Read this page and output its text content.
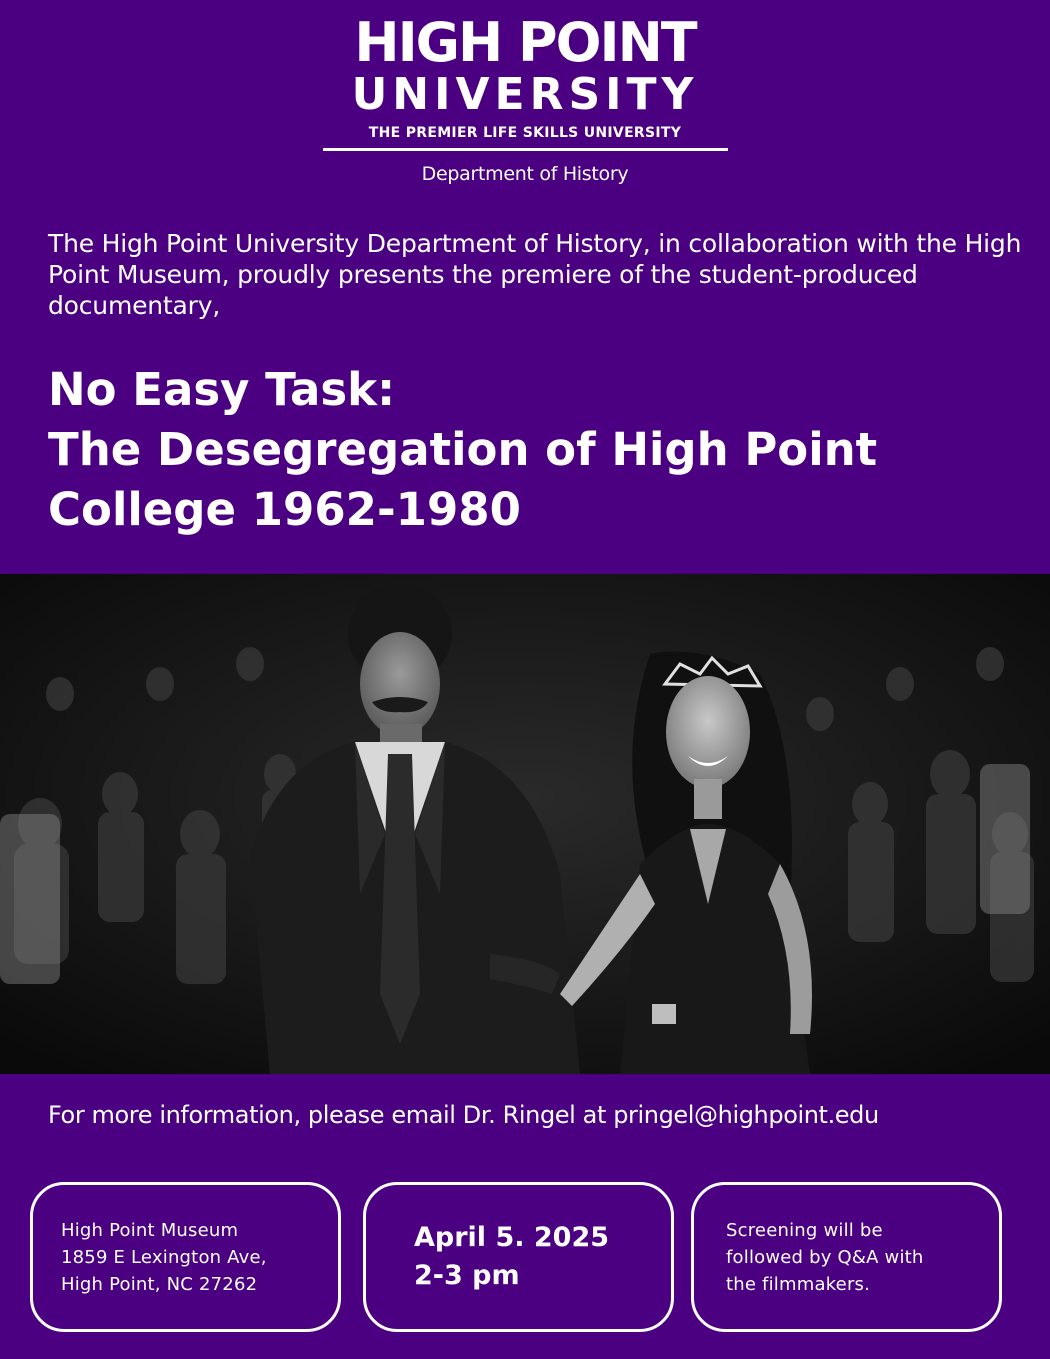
HIGH POINT
UNIVERSITY
THE PREMIER LIFE SKILLS UNIVERSITY
Department of History

The High Point University Department of History, in collaboration with the High Point Museum, proudly presents the premiere of the student-produced documentary,

No Easy Task:
The Desegregation of High Point
College 1962-1980

For more information, please email Dr. Ringel at pringel@highpoint.edu

High Point Museum
1859 E Lexington Ave,
High Point, NC 27262
April 5. 2025
2-3 pm
Screening will be
followed by Q&A with
the filmmakers.
